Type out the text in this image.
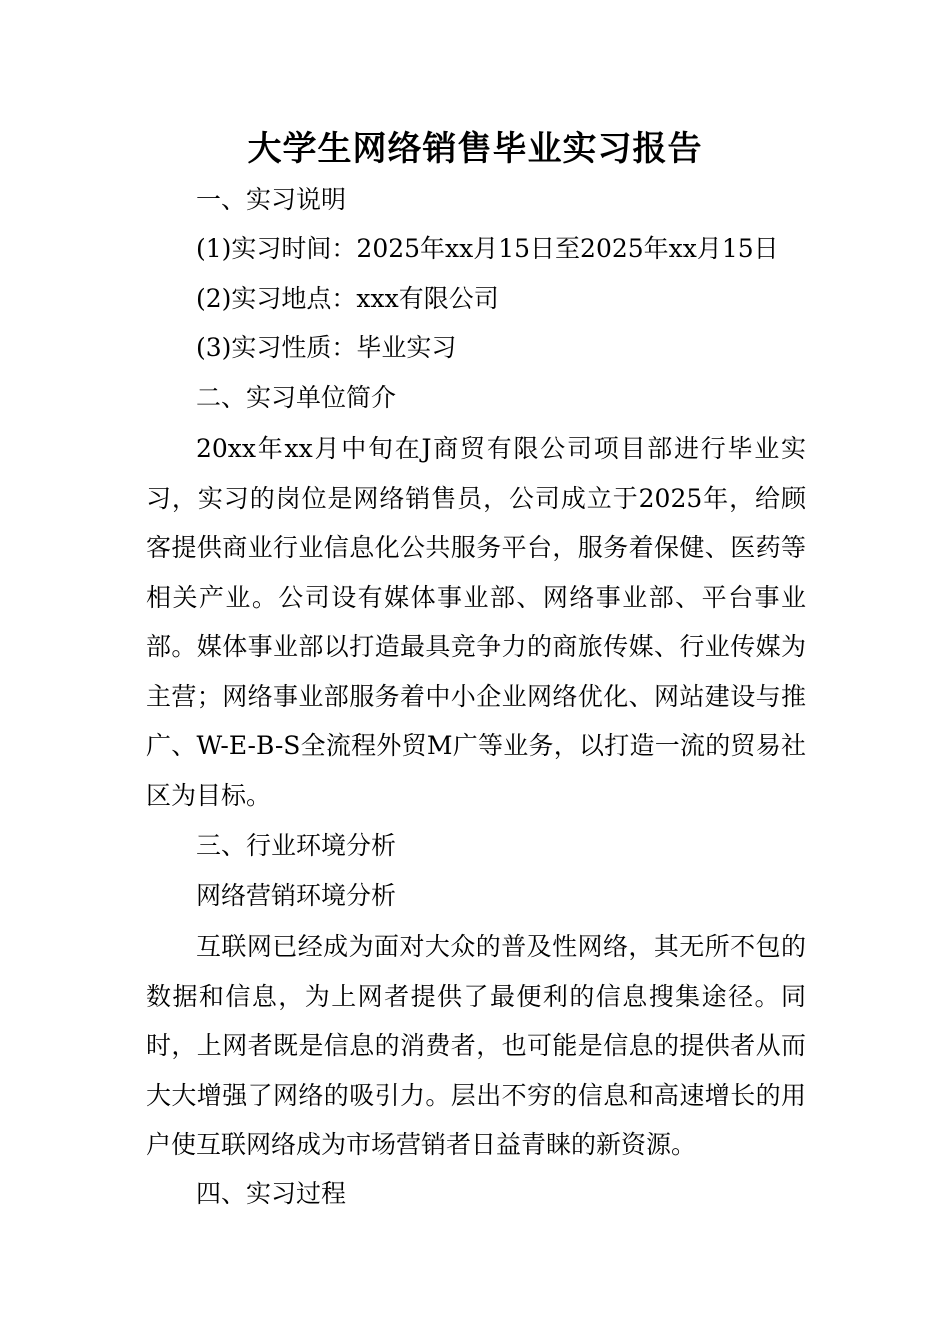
大学生网络销售毕业实习报告

一、实习说明

(1)实习时间：2025年xx月15日至2025年xx月15日

(2)实习地点：xxx有限公司

(3)实习性质：毕业实习

二、实习单位简介

20xx年xx月中旬在J商贸有限公司项目部进行毕业实习，实习的岗位是网络销售员，公司成立于2025年，给顾客提供商业行业信息化公共服务平台，服务着保健、医药等相关产业。公司设有媒体事业部、网络事业部、平台事业部。媒体事业部以打造最具竞争力的商旅传媒、行业传媒为主营；网络事业部服务着中小企业网络优化、网站建设与推广、W-E-B-S全流程外贸M广等业务，以打造一流的贸易社区为目标。

三、行业环境分析

网络营销环境分析

互联网已经成为面对大众的普及性网络，其无所不包的数据和信息，为上网者提供了最便利的信息搜集途径。同时，上网者既是信息的消费者，也可能是信息的提供者从而大大增强了网络的吸引力。层出不穷的信息和高速增长的用户使互联网络成为市场营销者日益青睐的新资源。

四、实习过程
